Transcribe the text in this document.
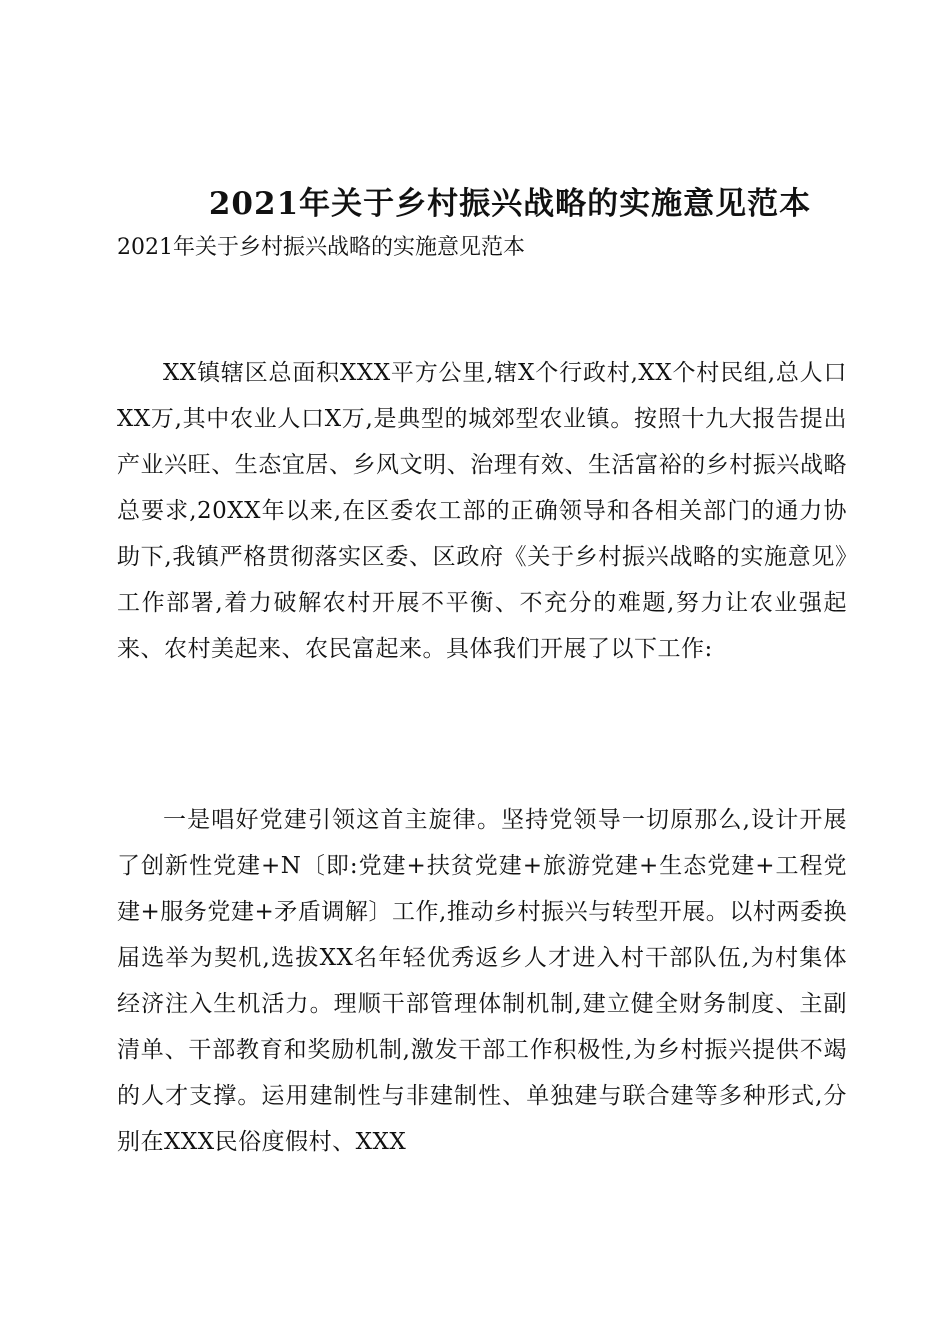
2021年关于乡村振兴战略的实施意见范本

2021年关于乡村振兴战略的实施意见范本

XX镇辖区总面积XXX平方公里,辖X个行政村,XX个村民组,总人口XX万,其中农业人口X万,是典型的城郊型农业镇。按照十九大报告提出产业兴旺、生态宜居、乡风文明、治理有效、生活富裕的乡村振兴战略总要求,20XX年以来,在区委农工部的正确领导和各相关部门的通力协助下,我镇严格贯彻落实区委、区政府《关于乡村振兴战略的实施意见》工作部署,着力破解农村开展不平衡、不充分的难题,努力让农业强起来、农村美起来、农民富起来。具体我们开展了以下工作:

一是唱好党建引领这首主旋律。坚持党领导一切原那么,设计开展了创新性党建+N〔即:党建+扶贫党建+旅游党建+生态党建+工程党建+服务党建+矛盾调解〕工作,推动乡村振兴与转型开展。以村两委换届选举为契机,选拔XX名年轻优秀返乡人才进入村干部队伍,为村集体经济注入生机活力。理顺干部管理体制机制,建立健全财务制度、主副清单、干部教育和奖励机制,激发干部工作积极性,为乡村振兴提供不竭的人才支撑。运用建制性与非建制性、单独建与联合建等多种形式,分别在XXX民俗度假村、XXX
